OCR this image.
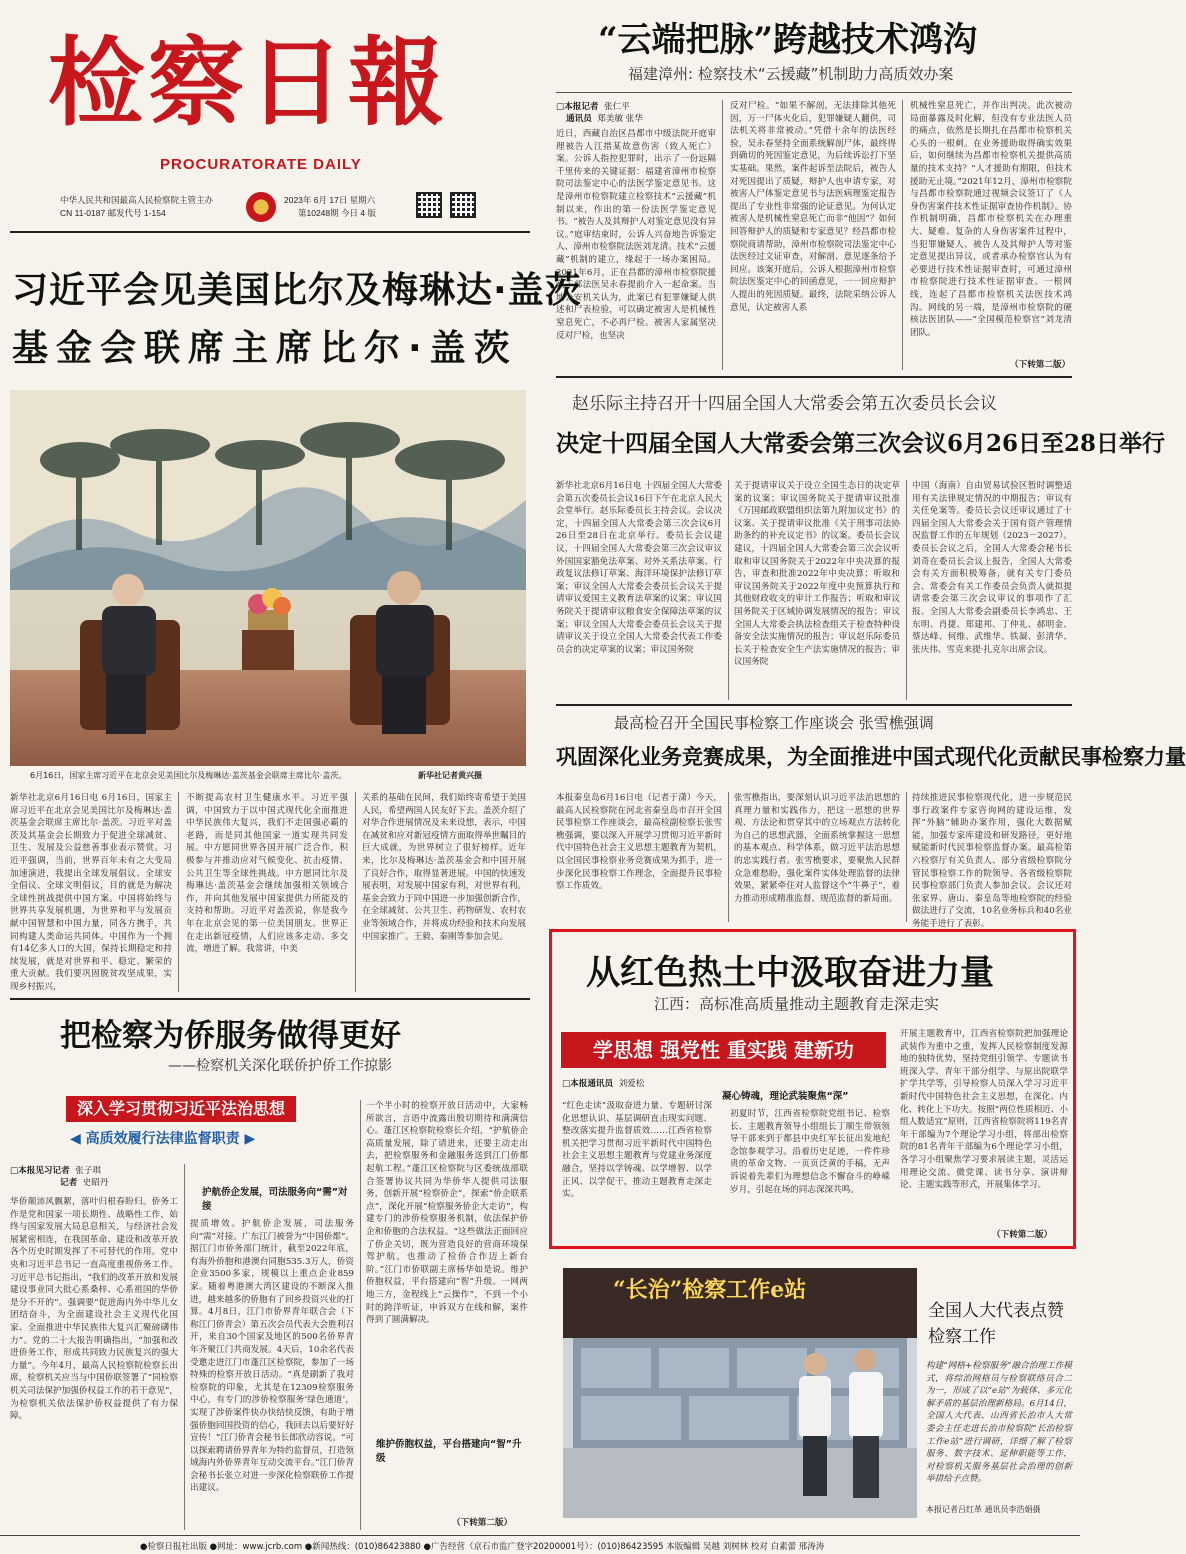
检察日報
PROCURATORATE DAILY
中华人民共和国最高人民检察院主管主办
CN 11-0187 邮发代号 1-154
2023年 6月 17日 星期六
第10248期 今日 4 版
“云端把脉”跨越技术鸿沟
福建漳州: 检察技术“云援藏”机制助力高质效办案
□本报记者 张仁平
通讯员 郑美敏 张华
近日，西藏自治区昌都市中级法院开庭审理被告人江措某故意伤害（致人死亡）案。公诉人指控犯罪时，出示了一份远隔千里传来的关键证据：福建省漳州市检察院司法鉴定中心的法医学鉴定意见书。这是漳州市检察院建立检察技术“云援藏”机制以来，作出的第一份法医学鉴定意见书。“被告人及其辩护人对鉴定意见没有异议。”庭审结束时，公诉人兴奋地告诉鉴定人、漳州市检察院法医刘龙清。技术“云援藏”机制的建立，缘起于一场办案困局。2021年6月，正在昌都的漳州市检察院援藏干部法医吴永春提前介入一起命案。当地公安机关认为，此案已有犯罪嫌疑人供述和尸表检验，可以确定被害人是机械性窒息死亡，不必再尸检。被害人家属坚决反对尸检，也坚决
反对尸检。“如果不解剖，无法排除其他死因，万一尸体火化后，犯罪嫌疑人翻供，司法机关将非常被动。”凭借十余年的法医经验，吴永春坚持全面系统解剖尸体，最终得到确切的死因鉴定意见，为后续诉讼打下坚实基础。果然，案件起诉至法院后，被告人对死因提出了质疑，辩护人也申请专家，对被害人尸体鉴定意见书与法医病理鉴定报告提出了专业性非常强的论证意见。为何认定被害人是机械性窒息死亡而非“他因”？如何回答辩护人的质疑和专家意见？经昌都市检察院商请帮助，漳州市检察院司法鉴定中心法医经过文证审查，对解剖、意见逐条给予回应。该案开庭后，公诉人根据漳州市检察院法医鉴定中心的回函意见，一一回应辩护人提出的死因质疑。最终，法院采纳公诉人意见，认定被害人系
机械性窒息死亡，并作出判决。此次被动局面暴露及时化解，但没有专业法医人员的痛点，依然是长期扎在昌都市检察机关心头的一根刺。在业务援助取得确实效果后，如何继续为昌都市检察机关提供高质量的技术支持？“人才援助有期限，但技术援助无止境。”2021年12月，漳州市检察院与昌都市检察院通过视频会议签订了《人身伤害案件技术性证据审查协作机制》。协作机制明确，昌都市检察机关在办理重大、疑难、复杂的人身伤害案件过程中，当犯罪嫌疑人、被告人及其辩护人等对鉴定意见提出异议，或者承办检察官认为有必要进行技术性证据审查时，可通过漳州市检察院进行技术性证据审查。一根网线，连起了昌都市检察机关法医技术鸿沟。网线的另一端，是漳州市检察院的硬核法医团队——“全国模范检察官”刘龙清团队。
（下转第二版）
习近平会见美国比尔及梅琳达·盖茨
基金会联席主席比尔·盖茨
6月16日，国家主席习近平在北京会见美国比尔及梅琳达·盖茨基金会联席主席比尔·盖茨。	新华社记者黄兴摄
新华社北京6月16日电 6月16日，国家主席习近平在北京会见美国比尔及梅琳达·盖茨基金会联席主席比尔·盖茨。习近平对盖茨及其基金会长期致力于促进全球减贫、卫生、发展及公益慈善事业表示赞赏。习近平强调，当前，世界百年未有之大变局加速演进，我提出全球发展倡议、全球安全倡议、全球文明倡议，目的就是为解决全球性挑战提供中国方案。中国将始终与世界共享发展机遇，为世界和平与发展贡献中国智慧和中国力量，同各方携手，共同构建人类命运共同体。中国作为一个拥有14亿多人口的大国，保持长期稳定和持续发展，就是对世界和平、稳定、繁荣的重大贡献。我们要巩固脱贫攻坚成果，实现乡村振兴，
不断提高农村卫生健康水平。习近平强调，中国致力于以中国式现代化全面推进中华民族伟大复兴，我们不走国强必霸的老路，而是同其他国家一道实现共同发展。中方愿同世界各国开展广泛合作，积极参与并推动应对气候变化、抗击疫情、公共卫生等全球性挑战。中方愿同比尔及梅琳达·盖茨基金会继续加强相关领域合作，并向其他发展中国家提供力所能及的支持和帮助。习近平对盖茨说，你是我今年在北京会见的第一位美国朋友。世界正在走出新冠疫情，人们应该多走动、多交流，增进了解。我常讲，中美
关系的基础在民间，我们始终寄希望于美国人民，希望两国人民友好下去。盖茨介绍了对华合作进展情况及未来设想，表示，中国在减贫和应对新冠疫情方面取得举世瞩目的巨大成就，为世界树立了很好榜样。近年来，比尔及梅琳达·盖茨基金会和中国开展了良好合作，取得显著进展。中国的快速发展表明，对发展中国家有利，对世界有利。基金会致力于同中国进一步加强创新合作，在全球减贫、公共卫生、药物研发、农村农业等领域合作，并将成功经验和技术向发展中国家推广。王毅、秦刚等参加会见。
赵乐际主持召开十四届全国人大常委会第五次委员长会议
决定十四届全国人大常委会第三次会议6月26日至28日举行
新华社北京6月16日电 十四届全国人大常委会第五次委员长会议16日下午在北京人民大会堂举行。赵乐际委员长主持会议。会议决定，十四届全国人大常委会第三次会议6月26日至28日在北京举行。委员长会议建议，十四届全国人大常委会第三次会议审议外国国家豁免法草案、对外关系法草案、行政复议法修订草案、海洋环境保护法修订草案；审议全国人大常委会委员长会议关于提请审议爱国主义教育法草案的议案；审议国务院关于提请审议粮食安全保障法草案的议案；审议全国人大常委会委员长会议关于提请审议关于设立全国人大常委会代表工作委员会的决定草案的议案；审议国务院
关于提请审议关于设立全国生态日的决定草案的议案；审议国务院关于提请审议批准《万国邮政联盟组织法第九附加议定书》的议案、关于提请审议批准《关于刑事司法协助条约的补充议定书》的议案。委员长会议建议，十四届全国人大常委会第三次会议听取和审议国务院关于2022年中央决算的报告，审查和批准2022年中央决算；听取和审议国务院关于2022年度中央预算执行和其他财政收支的审计工作报告；听取和审议国务院关于区域协调发展情况的报告；审议全国人大常委会执法检查组关于检查特种设备安全法实施情况的报告；审议赵乐际委员长关于检查安全生产法实施情况的报告；审议国务院
中国（海南）自由贸易试验区暂时调整适用有关法律规定情况的中期报告；审议有关任免案等。委员长会议还审议通过了十四届全国人大常委会关于国有资产管理情况监督工作的五年规划（2023－2027）。委员长会议之后，全国人大常委会秘书长刘奇在委员长会议上报告，全国人大常委会有关方面积极筹备，就有关专门委员会、常委会有关工作委员会负责人就拟提请常委会第三次会议审议的事项作了汇报。全国人大常委会副委员长李鸿忠、王东明、肖捷、郑建邦、丁仲礼、郝明金、蔡达峰、何维、武维华、铁凝、彭清华、张庆伟、雪克来提·扎克尔出席会议。
最高检召开全国民事检察工作座谈会 张雪樵强调
巩固深化业务竞赛成果，为全面推进中国式现代化贡献民事检察力量
本报秦皇岛6月16日电（记者于潇）今天，最高人民检察院在河北省秦皇岛市召开全国民事检察工作座谈会，最高检副检察长张雪樵强调，要以深入开展学习贯彻习近平新时代中国特色社会主义思想主题教育为契机，以全国民事检察业务竞赛成果为抓手，进一步深化民事检察工作理念，全面提升民事检察工作质效。
张雪樵指出，要深刻认识习近平法治思想的真理力量和实践伟力，把这一思想的世界观、方法论和贯穿其中的立场观点方法转化为自己的思想武器，全面系统掌握这一思想的基本观点、科学体系，做习近平法治思想的忠实践行者。张雪樵要求，要聚焦人民群众急难愁盼，强化案件实体处理监督的法律效果，紧紧牵住对人监督这个“牛鼻子”，着力推动形成精准监督、规范监督的新局面。
持续推进民事检察现代化，进一步规范民事行政案件专家咨询网的建设运维，发挥“外脑”辅助办案作用，强化大数据赋能，加强专家库建设和研发路径，更好地赋能新时代民事检察监督办案。最高检第六检察厅有关负责人、部分省级检察院分管民事检察工作的院领导、各省级检察院民事检察部门负责人参加会议。会议还对张家界、唐山、秦皇岛等地检察院的经验做法进行了交流，10名业务标兵和40名业务能手进行了表彰。
从红色热土中汲取奋进力量
江西：高标准高质量推动主题教育走深走实
学思想 强党性 重实践 建新功
□本报通讯员 刘爱松
“红色走读”汲取奋进力量、专题研讨深化思想认识、基层调研直击现实问题、整改落实提升监督质效……江西省检察机关把学习贯彻习近平新时代中国特色社会主义思想主题教育与党建业务深度融合，坚持以学铸魂、以学增智、以学正风、以学促干，推动主题教育走深走实。
凝心铸魂，理论武装聚焦“深”
初夏时节，江西省检察院党组书记、检察长、主题教育领导小组组长丁顺生带领领导干部来到于都县中央红军长征出发地纪念馆参观学习。沿着历史足迹，一件件珍贵的革命文物、一页页泛黄的手稿，无声诉说着先辈们为理想信念不懈奋斗的峥嵘岁月，引起在场的同志深深共鸣。
开展主题教育中，江西省检察院把加强理论武装作为重中之重，发挥人民检察制度发源地的独特优势，坚持党组引领学、专题读书班深入学、青年干部分组学、与原出院联学扩学共学等，引导检察人员深入学习习近平新时代中国特色社会主义思想，在深化、内化、转化上下功夫。按照“两位性质相近、小组人数适宜”原则，江西省检察院将119名青年干部编为7个理论学习小组，将部出检察院的81名青年干部编为6个理论学习小组，各学习小组聚焦学习要求展读主题，灵活运用理论交流、微党课、读书分享、演讲辩论、主题实践等形式，开展集体学习。
（下转第二版）
把检察为侨服务做得更好
——检察机关深化联侨护侨工作掠影
深入学习贯彻习近平法治思想
◀ 高质效履行法律监督职责 ▶
□本报见习记者 张子琪
记者 史昭丹
华侨颠沛风飘絮，落叶归根春盼归。侨务工作是党和国家一项长期性、战略性工作，始终与国家发展大局息息相关，与经济社会发展紧密相连，在我国革命、建设和改革开放各个历史时期发挥了不可替代的作用。党中央和习近平总书记一直高度重视侨务工作。习近平总书记指出，“我们的改革开放和发展建设事业同大批心系桑梓、心系祖国的华侨是分不开的”。强调要“促进海内外中华儿女团结奋斗，为全面建设社会主义现代化国家、全面推进中华民族伟大复兴汇聚磅礴伟力”。党的二十大报告明确指出，“加强和改进侨务工作，形成共同致力民族复兴的强大力量”。今年4月，最高人民检察院检察长出席，检察机关应当与中国侨联签署了“同检察机关司法保护加强侨权益工作的若干意见”，为检察机关依法保护侨权益提供了有力保障。
护航侨企发展，司法服务向“需”对接
提质增效。护航侨企发展，司法服务向“需”对接。广东江门被誉为“中国侨都”。据江门市侨务部门统计，截至2022年底，有海外侨胞和港澳台同胞535.3万人，侨资企业3500多家，规模以上重点企业859家。随着粤港澳大湾区建设的不断深入推进，越来越多的侨胞有了回乡投资兴业的打算。4月8日，江门市侨界青年联合会（下称江门侨青会）第五次会员代表大会胜利召开，来自30个国家及地区的500名侨界青年齐聚江门共商发展。4天后，10余名代表受邀走进江门市蓬江区检察院，参加了一场特殊的检察开放日活动。“真是刷新了我对检察院的印象，尤其是在12309检察服务中心，有专门的涉侨检察服务‘绿色通道’，实现了涉侨案件快办快结快反馈，有助于增强侨胞回国投资的信心，我回去以后要好好宣传！”江门侨青会秘书长郎欣动容说。“可以探索聘请侨界青年为特约监督员，打造领域海内外侨界青年互动交流平台。”江门侨青会秘书长张立对进一步深化检察联侨工作提出建议。
一个半小时的检察开放日活动中，大家畅所欲言，言语中流露出殷切期待和满满信心。蓬江区检察院检察长介绍，“护航侨企高质量发展，除了请进来，还要主动走出去，把检察服务和金融服务送到江门侨都起航工程。”蓬江区检察院与区委统战部联合签署协议共同为华侨华人提供司法服务，创新开展“检察侨企”，探索“侨企联系点”，深化开展“检察服务侨企大走访”，构建专门的涉侨检察服务机制，依法保护侨企和侨胞的合法权益。“这些做法正面回应了侨企关切，既为营造良好的营商环境保驾护航，也推动了检侨合作迈上新台阶。”江门市侨联副主席杨华如是说。维护侨胞权益，平台搭建向“智”升级。一网两地三方，金程线上“云操作”，不到一个小时的跨洋听证，申诉双方在线和解，案件得到了圆满解决。
维护侨胞权益，平台搭建向“智”升级
（下转第二版）
“长治”检察工作e站
全国人大代表点赞检察工作
构建“网格+检察服务”融合治理工作模式，将综治网格员与检察联络员合二为一，形成了以“e站”为载体、多元化解矛盾的基层治理新格局。6月14日，全国人大代表、山西省长治市人大常委会主任走进长治市检察院“长治检察工作e站”进行调研，详细了解了检察服务、数字技术、延伸职能等工作，对检察机关服务基层社会治理的创新举措给予点赞。
本报记者吕红革 通讯员李浩娟摄
●检察日报社出版 ●网址：www.jcrb.com ●新闻热线：(010)86423880 ●广告经营（京石市监广登字20200001号）：(010)86423595 本版编辑 吴越 刘树林 校对 白素蕾 邢涛涛
